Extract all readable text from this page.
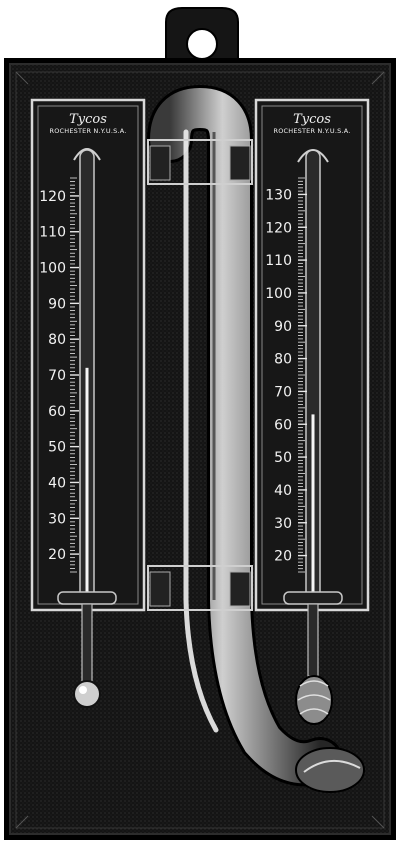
Tycos
ROCHESTER N.Y.U.S.A.
120
110
100
90
80
70
60
50
40
30
20
Tycos
ROCHESTER N.Y.U.S.A.
130
120
110
100
90
80
70
60
50
40
30
20
